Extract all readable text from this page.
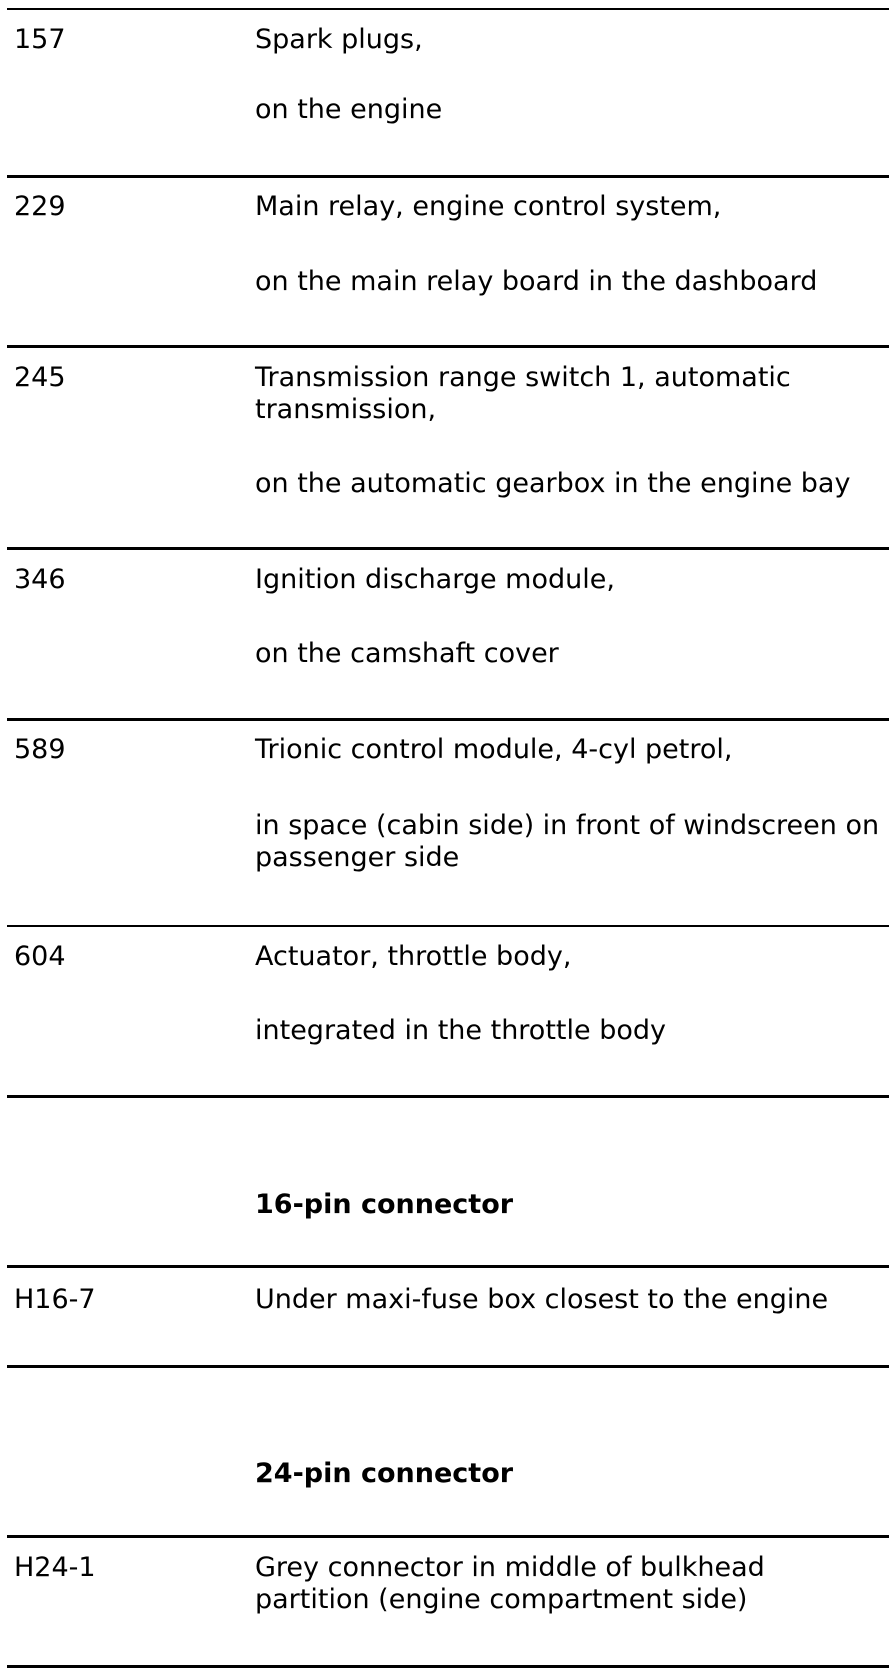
157	Spark plugs,
on the engine
229	Main relay, engine control system,
on the main relay board in the dashboard
245	Transmission range switch 1, automatic transmission,
on the automatic gearbox in the engine bay
346	Ignition discharge module,
on the camshaft cover
589	Trionic control module, 4-cyl petrol,
in space (cabin side) in front of windscreen on passenger side
604	Actuator, throttle body,
integrated in the throttle body
16-pin connector
H16-7	Under maxi-fuse box closest to the engine
24-pin connector
H24-1	Grey connector in middle of bulkhead partition (engine compartment side)
